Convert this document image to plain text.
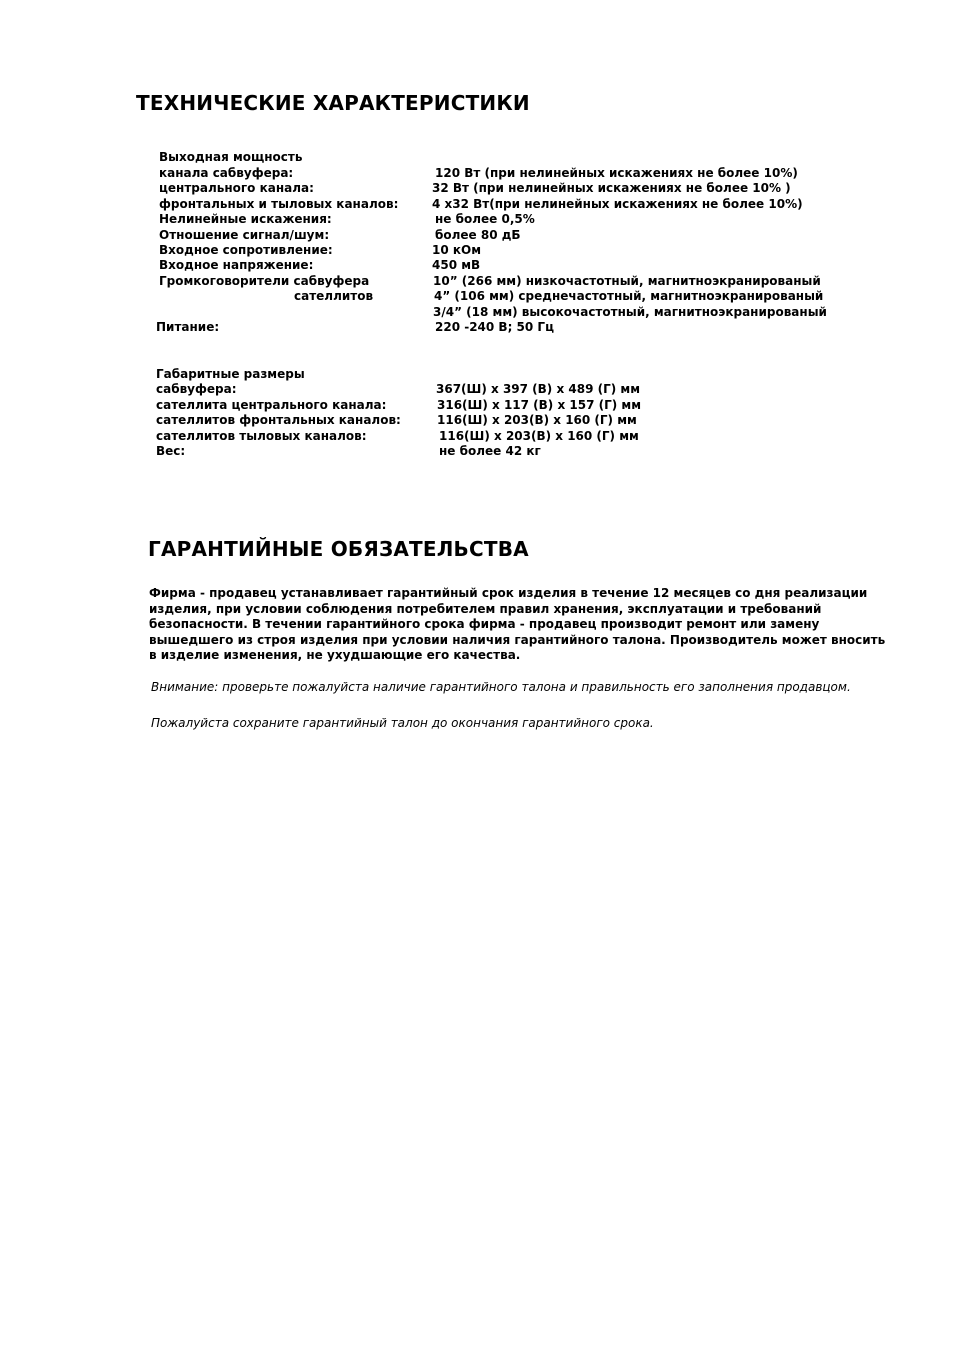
ТЕХНИЧЕСКИЕ ХАРАКТЕРИСТИКИ
Выходная мощность
канала сабвуфера:	120 Вт (при нелинейных искажениях не более 10%)
центрального канала:	32 Вт (при нелинейных искажениях не более 10% )
фронтальных и тыловых каналов:	4 х32 Вт(при нелинейных искажениях не более 10%)
Нелинейные искажения:	не более 0,5%
Отношение сигнал/шум:	более 80 дБ
Входное сопротивление:	10 кОм
Входное напряжение:	450 мВ
Громкоговорители сабвуфера	10” (266 мм) низкочастотный, магнитноэкранированый
сателлитов	4” (106 мм) среднечастотный, магнитноэкранированый
3/4” (18 мм) высокочастотный, магнитноэкранированый
Питание:	220 -240 В; 50 Гц
Габаритные размеры
сабвуфера:	367(Ш) х 397 (В) х 489 (Г) мм
сателлита центрального канала:	316(Ш) х 117 (В) х 157 (Г) мм
сателлитов фронтальных каналов:	116(Ш) х 203(В) х 160 (Г) мм
сателлитов тыловых каналов:	116(Ш) х 203(В) х 160 (Г) мм
Вес:	не более 42 кг
ГАРАНТИЙНЫЕ ОБЯЗАТЕЛЬСТВА

Фирма - продавец устанавливает гарантийный срок изделия в течение 12 месяцев со дня реализации изделия, при условии соблюдения потребителем правил хранения, эксплуатации и требований безопасности. В течении гарантийного срока фирма - продавец производит ремонт или замену вышедшего из строя изделия при условии наличия гарантийного талона. Производитель может вносить в изделие изменения, не ухудшающие его качества.

Внимание: проверьте пожалуйста наличие гарантийного талона и правильность его заполнения продавцом.

Пожалуйста сохраните гарантийный талон до окончания гарантийного срока.
